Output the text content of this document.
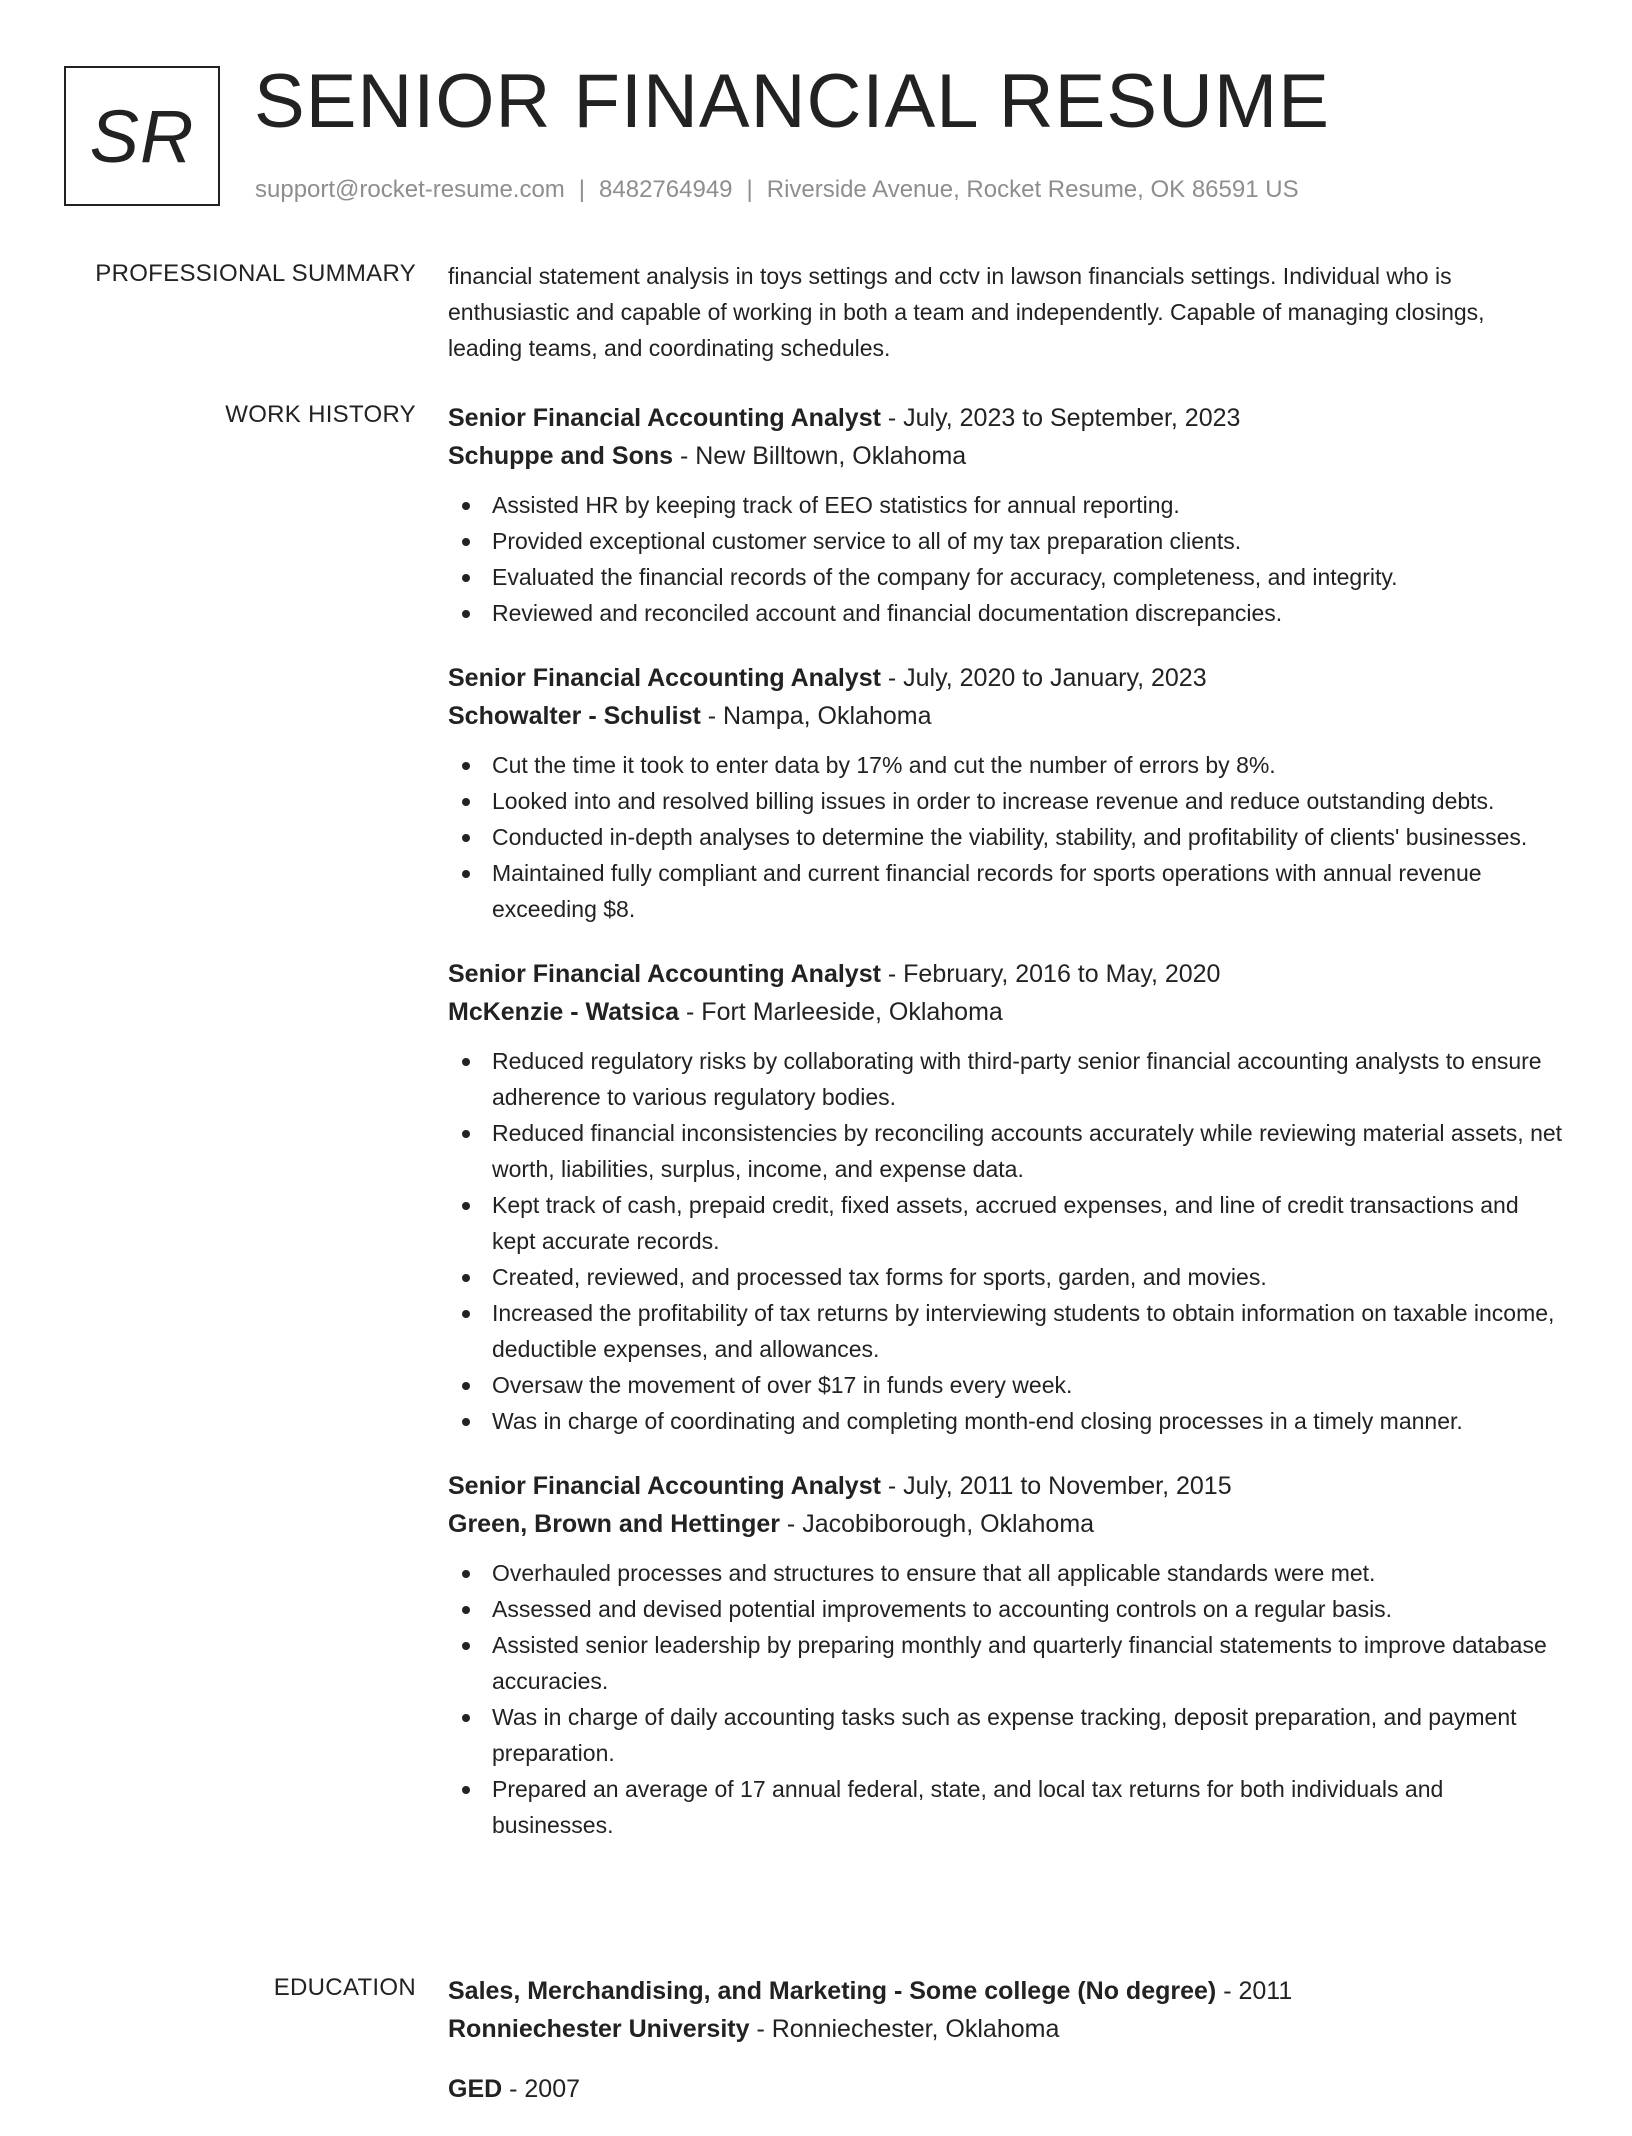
SR SENIOR FINANCIAL RESUME
support@rocket-resume.com | 8482764949 | Riverside Avenue, Rocket Resume, OK 86591 US
PROFESSIONAL SUMMARY financial statement analysis in toys settings and cctv in lawson financials settings. Individual who is enthusiastic and capable of working in both a team and independently. Capable of managing closings, leading teams, and coordinating schedules.

WORK HISTORY Senior Financial Accounting Analyst - July, 2023 to September, 2023
Schuppe and Sons - New Billtown, Oklahoma
Assisted HR by keeping track of EEO statistics for annual reporting.
Provided exceptional customer service to all of my tax preparation clients.
Evaluated the financial records of the company for accuracy, completeness, and integrity.
Reviewed and reconciled account and financial documentation discrepancies.
Senior Financial Accounting Analyst - July, 2020 to January, 2023
Schowalter - Schulist - Nampa, Oklahoma
Cut the time it took to enter data by 17% and cut the number of errors by 8%.
Looked into and resolved billing issues in order to increase revenue and reduce outstanding debts.
Conducted in-depth analyses to determine the viability, stability, and profitability of clients' businesses.
Maintained fully compliant and current financial records for sports operations with annual revenue exceeding $8.
Senior Financial Accounting Analyst - February, 2016 to May, 2020
McKenzie - Watsica - Fort Marleeside, Oklahoma
Reduced regulatory risks by collaborating with third-party senior financial accounting analysts to ensure adherence to various regulatory bodies.
Reduced financial inconsistencies by reconciling accounts accurately while reviewing material assets, net worth, liabilities, surplus, income, and expense data.
Kept track of cash, prepaid credit, fixed assets, accrued expenses, and line of credit transactions and kept accurate records.
Created, reviewed, and processed tax forms for sports, garden, and movies.
Increased the profitability of tax returns by interviewing students to obtain information on taxable income, deductible expenses, and allowances.
Oversaw the movement of over $17 in funds every week.
Was in charge of coordinating and completing month-end closing processes in a timely manner.
Senior Financial Accounting Analyst - July, 2011 to November, 2015
Green, Brown and Hettinger - Jacobiborough, Oklahoma
Overhauled processes and structures to ensure that all applicable standards were met.
Assessed and devised potential improvements to accounting controls on a regular basis.
Assisted senior leadership by preparing monthly and quarterly financial statements to improve database accuracies.
Was in charge of daily accounting tasks such as expense tracking, deposit preparation, and payment preparation.
Prepared an average of 17 annual federal, state, and local tax returns for both individuals and businesses.
EDUCATION Sales, Merchandising, and Marketing - Some college (No degree) - 2011
Ronniechester University - Ronniechester, Oklahoma
GED - 2007
